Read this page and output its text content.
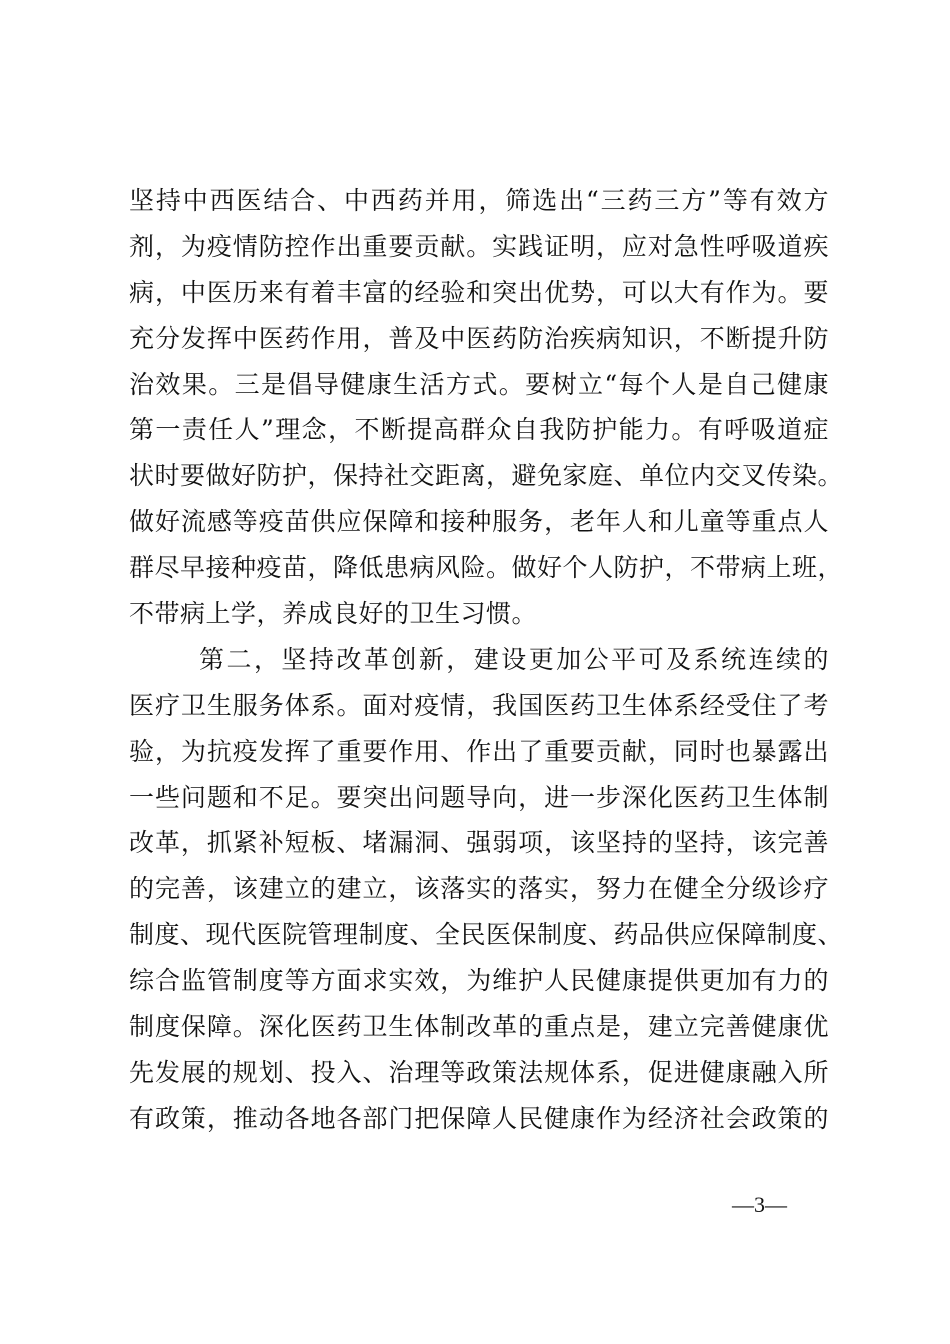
坚持中西医结合、中西药并用，筛选出“三药三方”等有效方
剂，为疫情防控作出重要贡献。实践证明，应对急性呼吸道疾
病，中医历来有着丰富的经验和突出优势，可以大有作为。要
充分发挥中医药作用，普及中医药防治疾病知识，不断提升防
治效果。三是倡导健康生活方式。要树立“每个人是自己健康
第一责任人”理念，不断提高群众自我防护能力。有呼吸道症
状时要做好防护，保持社交距离，避免家庭、单位内交叉传染。
做好流感等疫苗供应保障和接种服务，老年人和儿童等重点人
群尽早接种疫苗，降低患病风险。做好个人防护，不带病上班，
不带病上学，养成良好的卫生习惯。
第二，坚持改革创新，建设更加公平可及系统连续的
医疗卫生服务体系。面对疫情，我国医药卫生体系经受住了考
验，为抗疫发挥了重要作用、作出了重要贡献，同时也暴露出
一些问题和不足。要突出问题导向，进一步深化医药卫生体制
改革，抓紧补短板、堵漏洞、强弱项，该坚持的坚持，该完善
的完善，该建立的建立，该落实的落实，努力在健全分级诊疗
制度、现代医院管理制度、全民医保制度、药品供应保障制度、
综合监管制度等方面求实效，为维护人民健康提供更加有力的
制度保障。深化医药卫生体制改革的重点是，建立完善健康优
先发展的规划、投入、治理等政策法规体系，促进健康融入所
有政策，推动各地各部门把保障人民健康作为经济社会政策的
—3—
